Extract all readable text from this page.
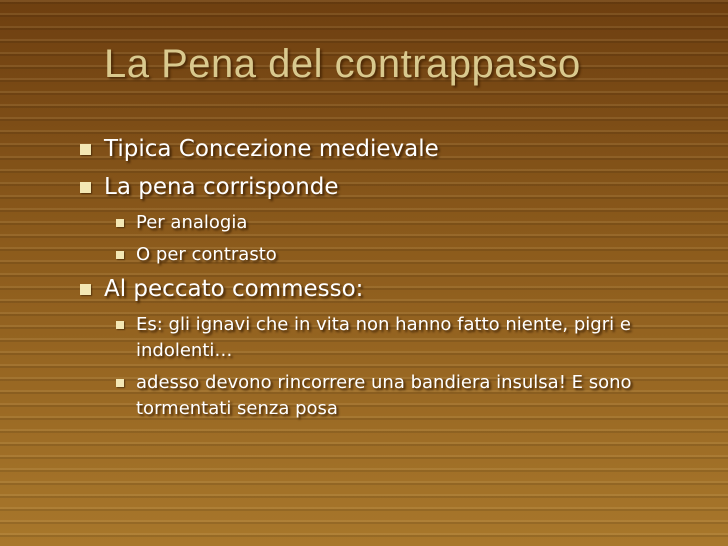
La Pena del contrappasso
Tipica Concezione medievale
La pena corrisponde
Per analogia
O per contrasto
Al peccato commesso:
Es: gli ignavi che in vita non hanno fatto niente, pigri e indolenti…
adesso devono rincorrere una bandiera insulsa! E sono tormentati senza posa
